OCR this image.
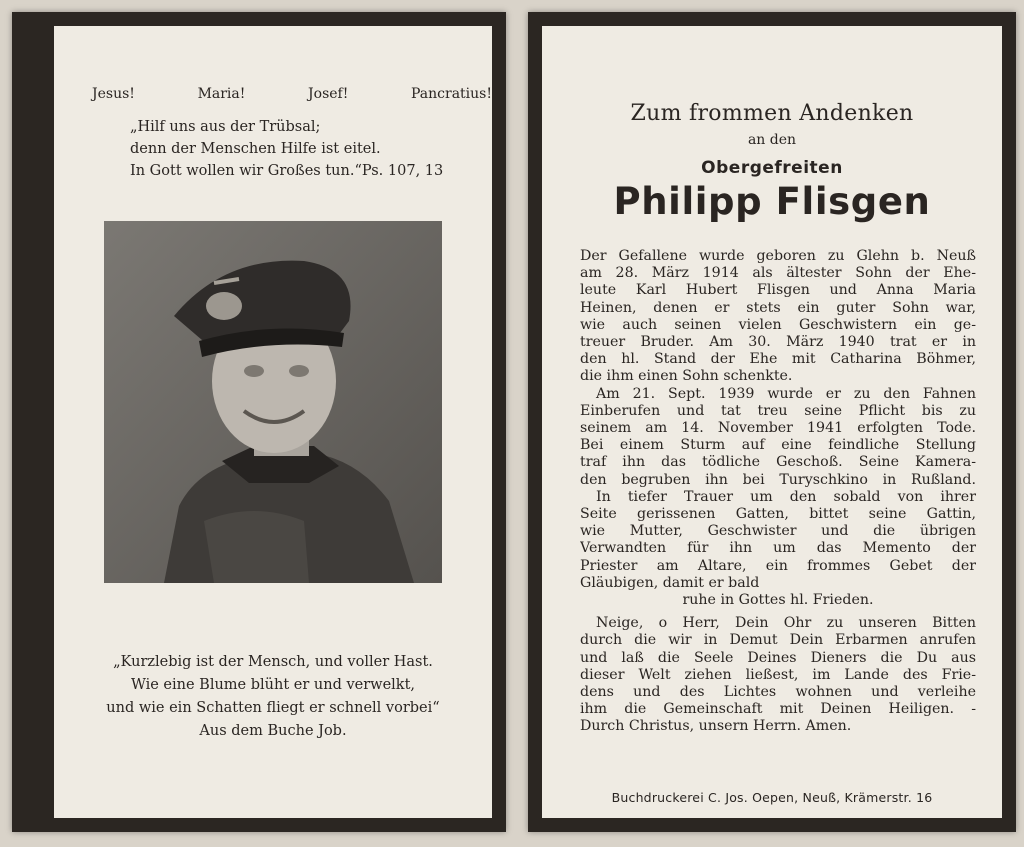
Jesus!	Maria!	Josef!	Pancratius!
„Hilf uns aus der Trübsal;
denn der Menschen Hilfe ist eitel.
In Gott wollen wir Großes tun.“Ps. 107, 13
„Kurzlebig ist der Mensch, und voller Hast.
Wie eine Blume blüht er und verwelkt,
und wie ein Schatten fliegt er schnell vorbei“
Aus dem Buche Job.
Zum frommen Andenken
an den
Obergefreiten
Philipp Flisgen
Der Gefallene wurde geboren zu Glehn b. Neuß
am 28. März 1914 als ältester Sohn der Ehe-
leute Karl Hubert Flisgen und Anna Maria
Heinen, denen er stets ein guter Sohn war,
wie auch seinen vielen Geschwistern ein ge-
treuer Bruder. Am 30. März 1940 trat er in
den hl. Stand der Ehe mit Catharina Böhmer,
die ihm einen Sohn schenkte.
Am 21. Sept. 1939 wurde er zu den Fahnen
Einberufen und tat treu seine Pflicht bis zu
seinem am 14. November 1941 erfolgten Tode.
Bei einem Sturm auf eine feindliche Stellung
traf ihn das tödliche Geschoß. Seine Kamera-
den begruben ihn bei Turyschkino in Rußland.
In tiefer Trauer um den sobald von ihrer
Seite gerissenen Gatten, bittet seine Gattin,
wie Mutter, Geschwister und die übrigen
Verwandten für ihn um das Memento der
Priester am Altare, ein frommes Gebet der
Gläubigen, damit er bald
ruhe in Gottes hl. Frieden.
Neige, o Herr, Dein Ohr zu unseren Bitten
durch die wir in Demut Dein Erbarmen anrufen
und laß die Seele Deines Dieners die Du aus
dieser Welt ziehen ließest, im Lande des Frie-
dens und des Lichtes wohnen und verleihe
ihm die Gemeinschaft mit Deinen Heiligen. -
Durch Christus, unsern Herrn. Amen.
Buchdruckerei C. Jos. Oepen, Neuß, Krämerstr. 16
